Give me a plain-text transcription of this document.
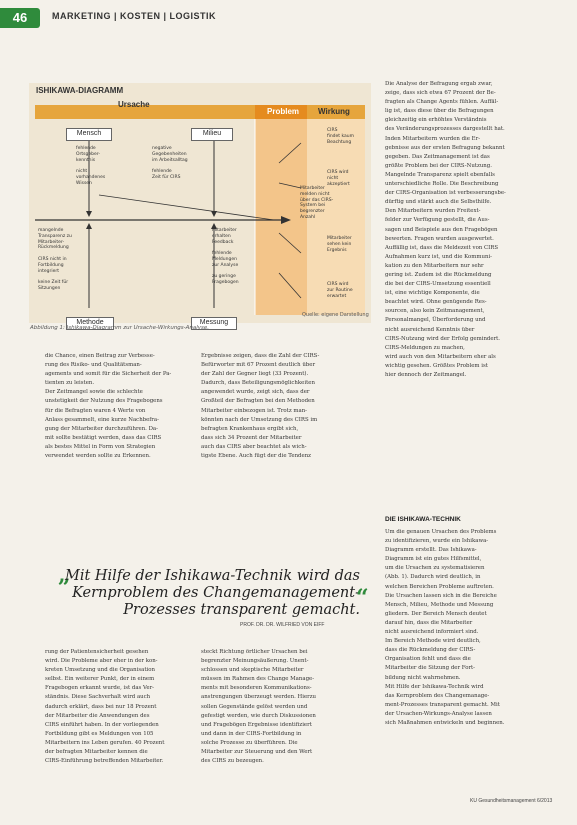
46	MARKETING | KOSTEN | LOGISTIK
ISHIKAWA-DIAGRAMM
Ursache
Problem Wirkung
Mensch	Milieu
Methode	Messung
fehlende
Ortsgeber-
kenntnis

nicht
vorhandenes
Wissen
negative
Gegebenheiten
im Arbeitsalltag

fehlende
Zeit für CIRS
mangelnde
Transparenz zu
Mitarbeiter-
Rückmeldung

CIRS nicht in
Fortbildung
integriert

keine Zeit für
Sitzungen
Mitarbeiter
erhalten
Feedback

fehlende
Meldungen
zur Analyse

zu geringe
Fragebogen
Mitarbeiter
melden nicht
über das CIRS-
System bei
begrenzter
Anzahl
CIRS
findet kaum
Beachtung
CIRS wird
nicht
akzeptiert
Mitarbeiter
sehen kein
Ergebnis
CIRS wird
zur Routine
erwartet
Quelle: eigene Darstellung
Abbildung 1: Ishikawa-Diagramm zur Ursache-Wirkungs-Analyse.
die Chance, einen Beitrag zur Verbesse-
rung des Risiko- und Qualitätsman-
agements und somit für die Sicherheit der Pa-
tienten zu leisten.
Der Zeitmangel sowie die schlechte
unstetigkeit der Nutzung des Fragebogens
für die Befragten waren 4 Werte von
Anlass gesammelt, eine kurze Nachbefra-
gung der Mitarbeiter durchzuführen. Da-
mit sollte bestätigt werden, dass das CIRS
als bestes Mittel in Form von Strategien
verwendet werden sollte zu Erkennen.
Ergebnisse zeigen, dass die Zahl der CIRS-
Befürworter mit 67 Prozent deutlich über
der Zahl der Gegner liegt (33 Prozent).
Dadurch, dass Beteiligungsmöglichkeiten
angewendet wurde, zeigt sich, dass der
Großteil der Befragten bei den Methoden
Mitarbeiter einbezogen ist. Trotz man-
könnten nach der Umsetzung des CIRS im
befragten Krankenhaus ergibt sich,
dass sich 34 Prozent der Mitarbeiter
auch das CIRS aber beachtet als wich-
tigste Ebene. Auch fügt der die Tendenz
Die Analyse der Befragung ergab zwar,
zeige, dass sich etwa 67 Prozent der Be-
fragten als Change Agents fühlen. Auffäl-
lig ist, dass diese über die Befragungen
gleichzeitig ein erhöhtes Verständnis
des Veränderungsprozesses dargestellt hat.
Inden Mitarbeitern wurden die Er-
gebnisse aus der ersten Befragung bekannt
gegeben. Das Zeitmanagement ist das
größte Problem bei der CIRS-Nutzung.
Mangelnde Transparenz spielt ebenfalls
unterschiedliche Rolle. Die Beschreibung
der CIRS-Organisation ist verbesserungsbe-
dürftig und stärkt auch die Selbsthilfe.
Den Mitarbeitern wurden Freitext-
felder zur Verfügung gestellt, die Aus-
sagen und Beispiele aus den Fragebögen
bewerten. Fragen wurden ausgewertet.
Auffällig ist, dass die Meldezeit von CIRS
Aufnahmen kurz ist, und die Kommuni-
kation zu den Mitarbeitern nur sehr
gering ist. Zudem ist die Rückmeldung
die bei der CIRS-Umsetzung essentiell
ist, eine wichtige Komponente, die
beachtet wird. Ohne genügende Res-
sourcen, also kein Zeitmanagement,
Personalmangel, Überforderung und
nicht ausreichend Kenntnis über
CIRS-Nutzung wird der Erfolg gemindert.
CIRS-Meldungen zu machen,
wird auch von den Mitarbeitern eher als
wichtig gesehen. Größtes Problem ist
hier dennoch der Zeitmangel.
„
Mit Hilfe der Ishikawa-Technik wird das Kernproblem des Changemanagement-Prozesses transparent gemacht.
“
PROF. DR. DR. WILFRIED VON EIFF
rung der Patientensicherheit gesehen
wird. Die Probleme aber eher in der kon-
kreten Umsetzung und die Organisation
selbst. Ein weiterer Punkt, der in einem
Fragebogen erkannt wurde, ist das Ver-
ständnis. Diese Sachverhalt wird auch
dadurch erklärt, dass bei nur 18 Prozent
der Mitarbeiter die Anwendungen des
CIRS einführt haben. In der vorliegenden
Fortbildung gibt es Meldungen von 105
Mitarbeitern ins Leben gerufen. 40 Prozent
der befragten Mitarbeiter kennen die
CIRS-Einführung betreffenden Mitarbeiter.
steckt Richtung örtlicher Ursachen bei
begrenzter Meinungsäußerung. Unent-
schlossen und skeptische Mitarbeiter
müssen im Rahmen des Change Manage-
ments mit besonderen Kommunikations-
anstrengungen überzeugt werden. Hierzu
sollen Gegenstände gelöst werden und
gefestigt werden, wie durch Diskussionen
und Fragebögen Ergebnisse identifiziert
und dann in der CIRS-Fortbildung in
solche Prozesse zu überführen. Die
Mitarbeiter zur Steuerung und den Wert
des CIRS zu bezeugen.
DIE ISHIKAWA-TECHNIK
Um die genauen Ursachen des Problems
zu identifizieren, wurde ein Ishikawa-
Diagramm erstellt. Das Ishikawa-
Diagramm ist ein gutes Hilfsmittel,
um die Ursachen zu systematisieren
(Abb. 1). Dadurch wird deutlich, in
welchen Bereichen Probleme auftreten.
Die Ursachen lassen sich in die Bereiche
Mensch, Milieu, Methode und Messung
gliedern. Der Bereich Mensch deutet
darauf hin, dass die Mitarbeiter
nicht ausreichend informiert sind.
Im Bereich Methode wird deutlich,
dass die Rückmeldung der CIRS-
Organisation fehlt und dass die
Mitarbeiter die Sitzung der Fort-
bildung nicht wahrnehmen.
Mit Hilfe der Ishikawa-Technik wird
das Kernproblem des Changemanage-
ment-Prozesses transparent gemacht. Mit
der Ursachen-Wirkungs-Analyse lassen
sich Maßnahmen entwickeln und beginnen.
KU Gesundheitsmanagement 6/2013
